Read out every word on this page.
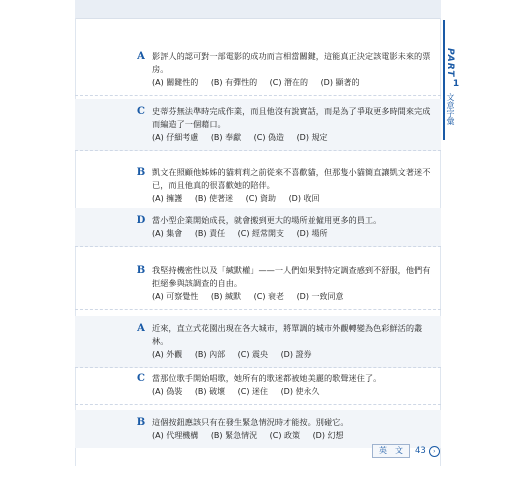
PART
1
文意字彙
A 影評人的認可對一部電影的成功而言相當關鍵，這能真正決定該電影未來的票房。
(A) 關鍵性的 (B) 有彈性的 (C) 潛在的 (D) 顯著的
C 史蒂芬無法準時完成作業，而且他沒有說實話，而是為了爭取更多時間來完成而編造了一個藉口。
(A) 仔細考慮 (B) 奉獻 (C) 偽造 (D) 規定
B 凱文在照顧他姊姊的貓莉莉之前從來不喜歡貓，但那隻小貓簡直讓凱文著迷不已，而且他真的很喜歡她的陪伴。
(A) 擁護 (B) 使著迷 (C) 資助 (D) 收回
D 當小型企業開始成長，就會搬到更大的場所並僱用更多的員工。
(A) 集會 (B) 責任 (C) 經常開支 (D) 場所
B 我堅持機密性以及「緘默權」——一人們如果對特定調查感到不舒服，他們有拒絕參與該調查的自由。
(A) 可察覺性 (B) 緘默 (C) 衰老 (D) 一致同意
A 近來，直立式花園出現在各大城市，將單調的城市外觀轉變為色彩鮮活的叢林。
(A) 外觀 (B) 內部 (C) 震央 (D) 證券
C 當那位歌手開始唱歌，她所有的歌迷都被她美麗的歌聲迷住了。
(A) 偽裝 (B) 破壞 (C) 迷住 (D) 使永久
B 這個按鈕應該只有在發生緊急情況時才能按。別碰它。
(A) 代理機構 (B) 緊急情況 (C) 政策 (D) 幻想
英　文	43	›
